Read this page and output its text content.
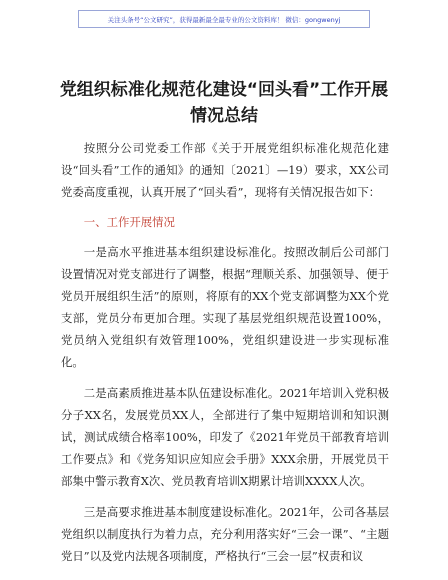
关注头条号“公文研究”，获得最新最全最专业的公文资料库！ 微信：gongwenyj
党组织标准化规范化建设“回头看”工作开展情况总结

按照分公司党委工作部《关于开展党组织标准化规范化建设“回头看”工作的通知》的通知〔2021〕—19）要求，XX公司党委高度重视，认真开展了“回头看”，现将有关情况报告如下：

一、工作开展情况

一是高水平推进基本组织建设标准化。按照改制后公司部门设置情况对党支部进行了调整，根据“理顺关系、加强领导、便于党员开展组织生活”的原则，将原有的XX个党支部调整为XX个党支部，党员分布更加合理。实现了基层党组织规范设置100%，党员纳入党组织有效管理100%，党组织建设进一步实现标准化。

二是高素质推进基本队伍建设标准化。2021年培训入党积极分子XX名，发展党员XX人，全部进行了集中短期培训和知识测试，测试成绩合格率100%，印发了《2021年党员干部教育培训工作要点》和《党务知识应知应会手册》XXX余册，开展党员干部集中警示教育X次、党员教育培训X期累计培训XXXX人次。

三是高要求推进基本制度建设标准化。2021年，公司各基层党组织以制度执行为着力点，充分利用落实好“三会一课”、“主题党日”以及党内法规各项制度，严格执行“三会一层”权责和议
